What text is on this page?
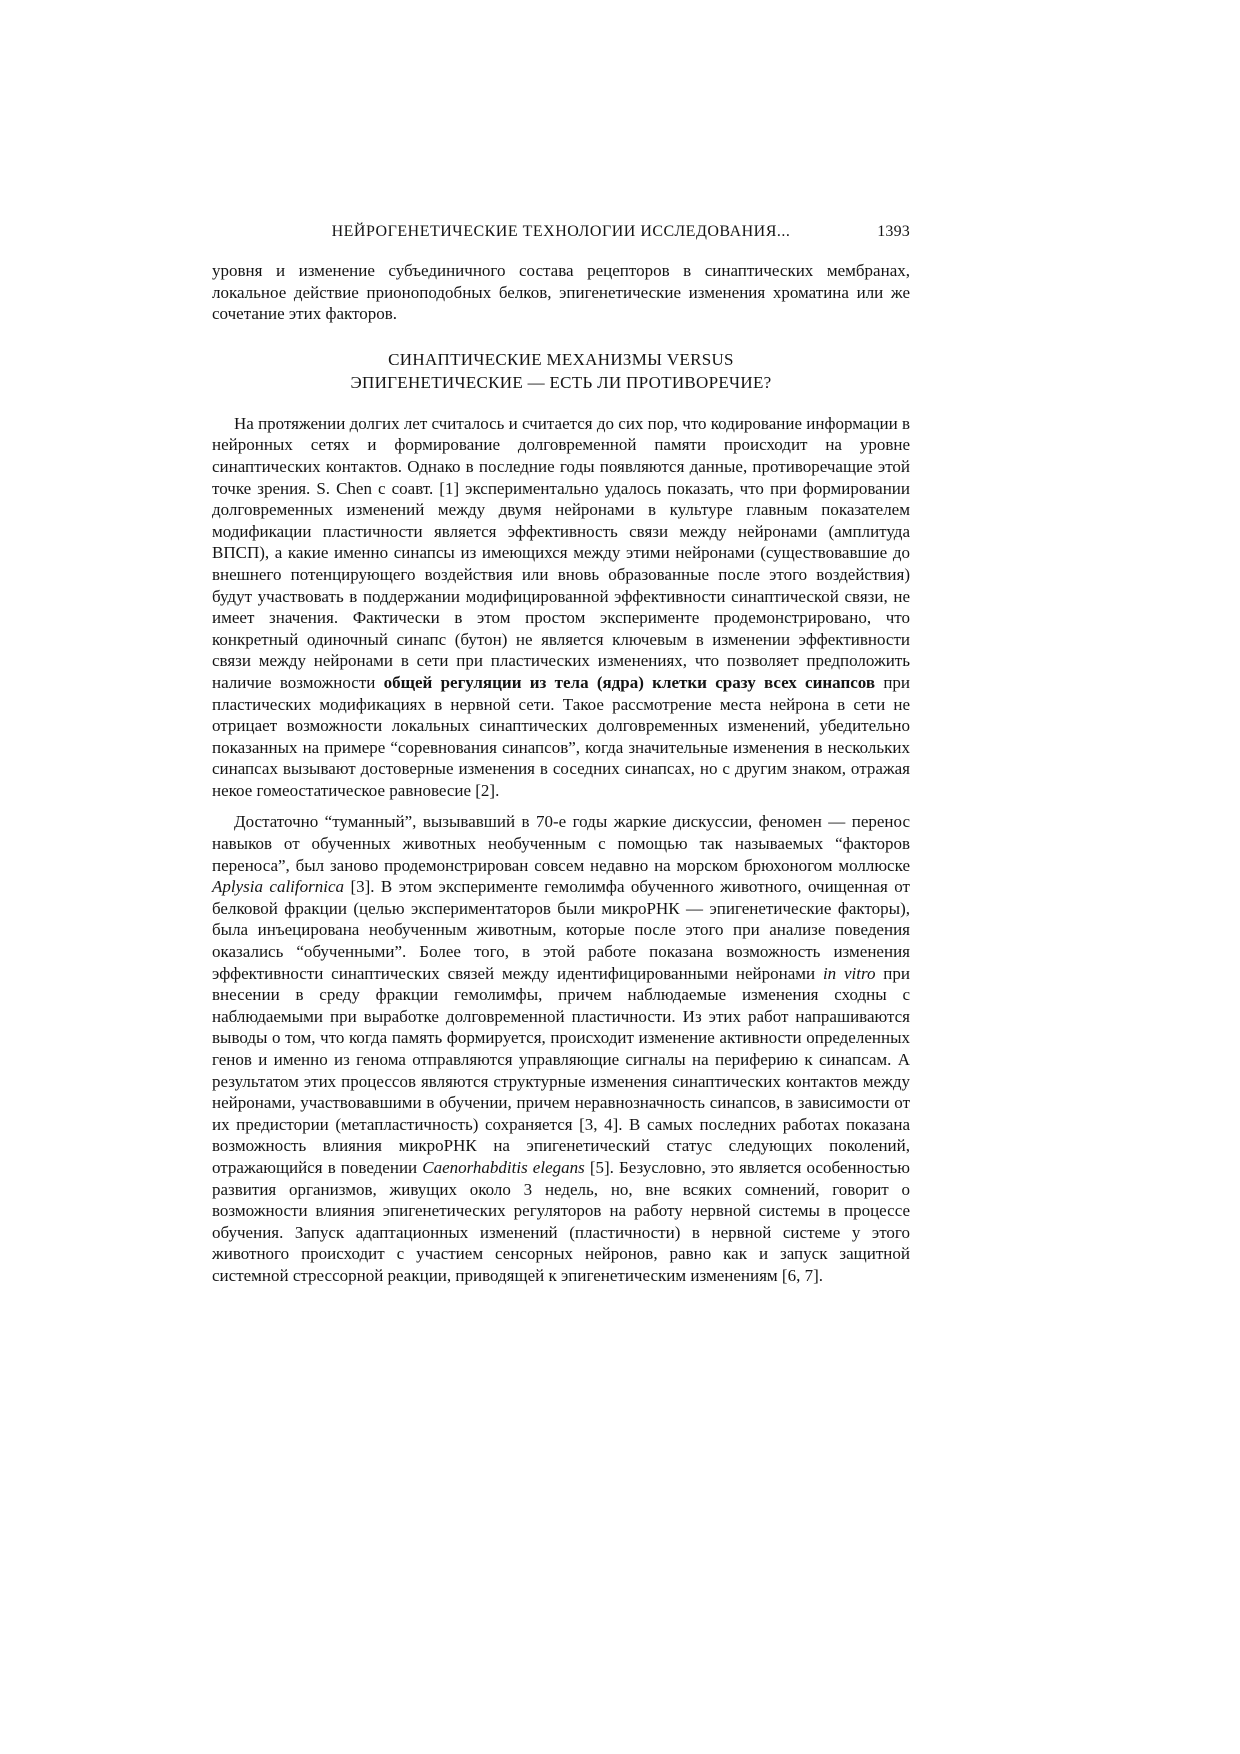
НЕЙРОГЕНЕТИЧЕСКИЕ ТЕХНОЛОГИИ ИССЛЕДОВАНИЯ...	1393

уровня и изменение субъединичного состава рецепторов в синаптических мембранах, локальное действие прионоподобных белков, эпигенетические изменения хроматина или же сочетание этих факторов.

СИНАПТИЧЕСКИЕ МЕХАНИЗМЫ VERSUS
ЭПИГЕНЕТИЧЕСКИЕ — ЕСТЬ ЛИ ПРОТИВОРЕЧИЕ?

На протяжении долгих лет считалось и считается до сих пор, что кодирование информации в нейронных сетях и формирование долговременной памяти происходит на уровне синаптических контактов. Однако в последние годы появляются данные, противоречащие этой точке зрения. S. Chen с соавт. [1] экспериментально удалось показать, что при формировании долговременных изменений между двумя нейронами в культуре главным показателем модификации пластичности является эффективность связи между нейронами (амплитуда ВПСП), а какие именно синапсы из имеющихся между этими нейронами (существовавшие до внешнего потенцирующего воздействия или вновь образованные после этого воздействия) будут участвовать в поддержании модифицированной эффективности синаптической связи, не имеет значения. Фактически в этом простом эксперименте продемонстрировано, что конкретный одиночный синапс (бутон) не является ключевым в изменении эффективности связи между нейронами в сети при пластических изменениях, что позволяет предположить наличие возможности общей регуляции из тела (ядра) клетки сразу всех синапсов при пластических модификациях в нервной сети. Такое рассмотрение места нейрона в сети не отрицает возможности локальных синаптических долговременных изменений, убедительно показанных на примере “соревнования синапсов”, когда значительные изменения в нескольких синапсах вызывают достоверные изменения в соседних синапсах, но с другим знаком, отражая некое гомеостатическое равновесие [2].

Достаточно “туманный”, вызывавший в 70-е годы жаркие дискуссии, феномен — перенос навыков от обученных животных необученным с помощью так называемых “факторов переноса”, был заново продемонстрирован совсем недавно на морском брюхоногом моллюске Aplysia californica [3]. В этом эксперименте гемолимфа обученного животного, очищенная от белковой фракции (целью экспериментаторов были микроРНК — эпигенетические факторы), была инъецирована необученным животным, которые после этого при анализе поведения оказались “обученными”. Более того, в этой работе показана возможность изменения эффективности синаптических связей между идентифицированными нейронами in vitro при внесении в среду фракции гемолимфы, причем наблюдаемые изменения сходны с наблюдаемыми при выработке долговременной пластичности. Из этих работ напрашиваются выводы о том, что когда память формируется, происходит изменение активности определенных генов и именно из генома отправляются управляющие сигналы на периферию к синапсам. А результатом этих процессов являются структурные изменения синаптических контактов между нейронами, участвовавшими в обучении, причем неравнозначность синапсов, в зависимости от их предистории (метапластичность) сохраняется [3, 4]. В самых последних работах показана возможность влияния микроРНК на эпигенетический статус следующих поколений, отражающийся в поведении Caenorhabditis elegans [5]. Безусловно, это является особенностью развития организмов, живущих около 3 недель, но, вне всяких сомнений, говорит о возможности влияния эпигенетических регуляторов на работу нервной системы в процессе обучения. Запуск адаптационных изменений (пластичности) в нервной системе у этого животного происходит с участием сенсорных нейронов, равно как и запуск защитной системной стрессорной реакции, приводящей к эпигенетическим изменениям [6, 7].
